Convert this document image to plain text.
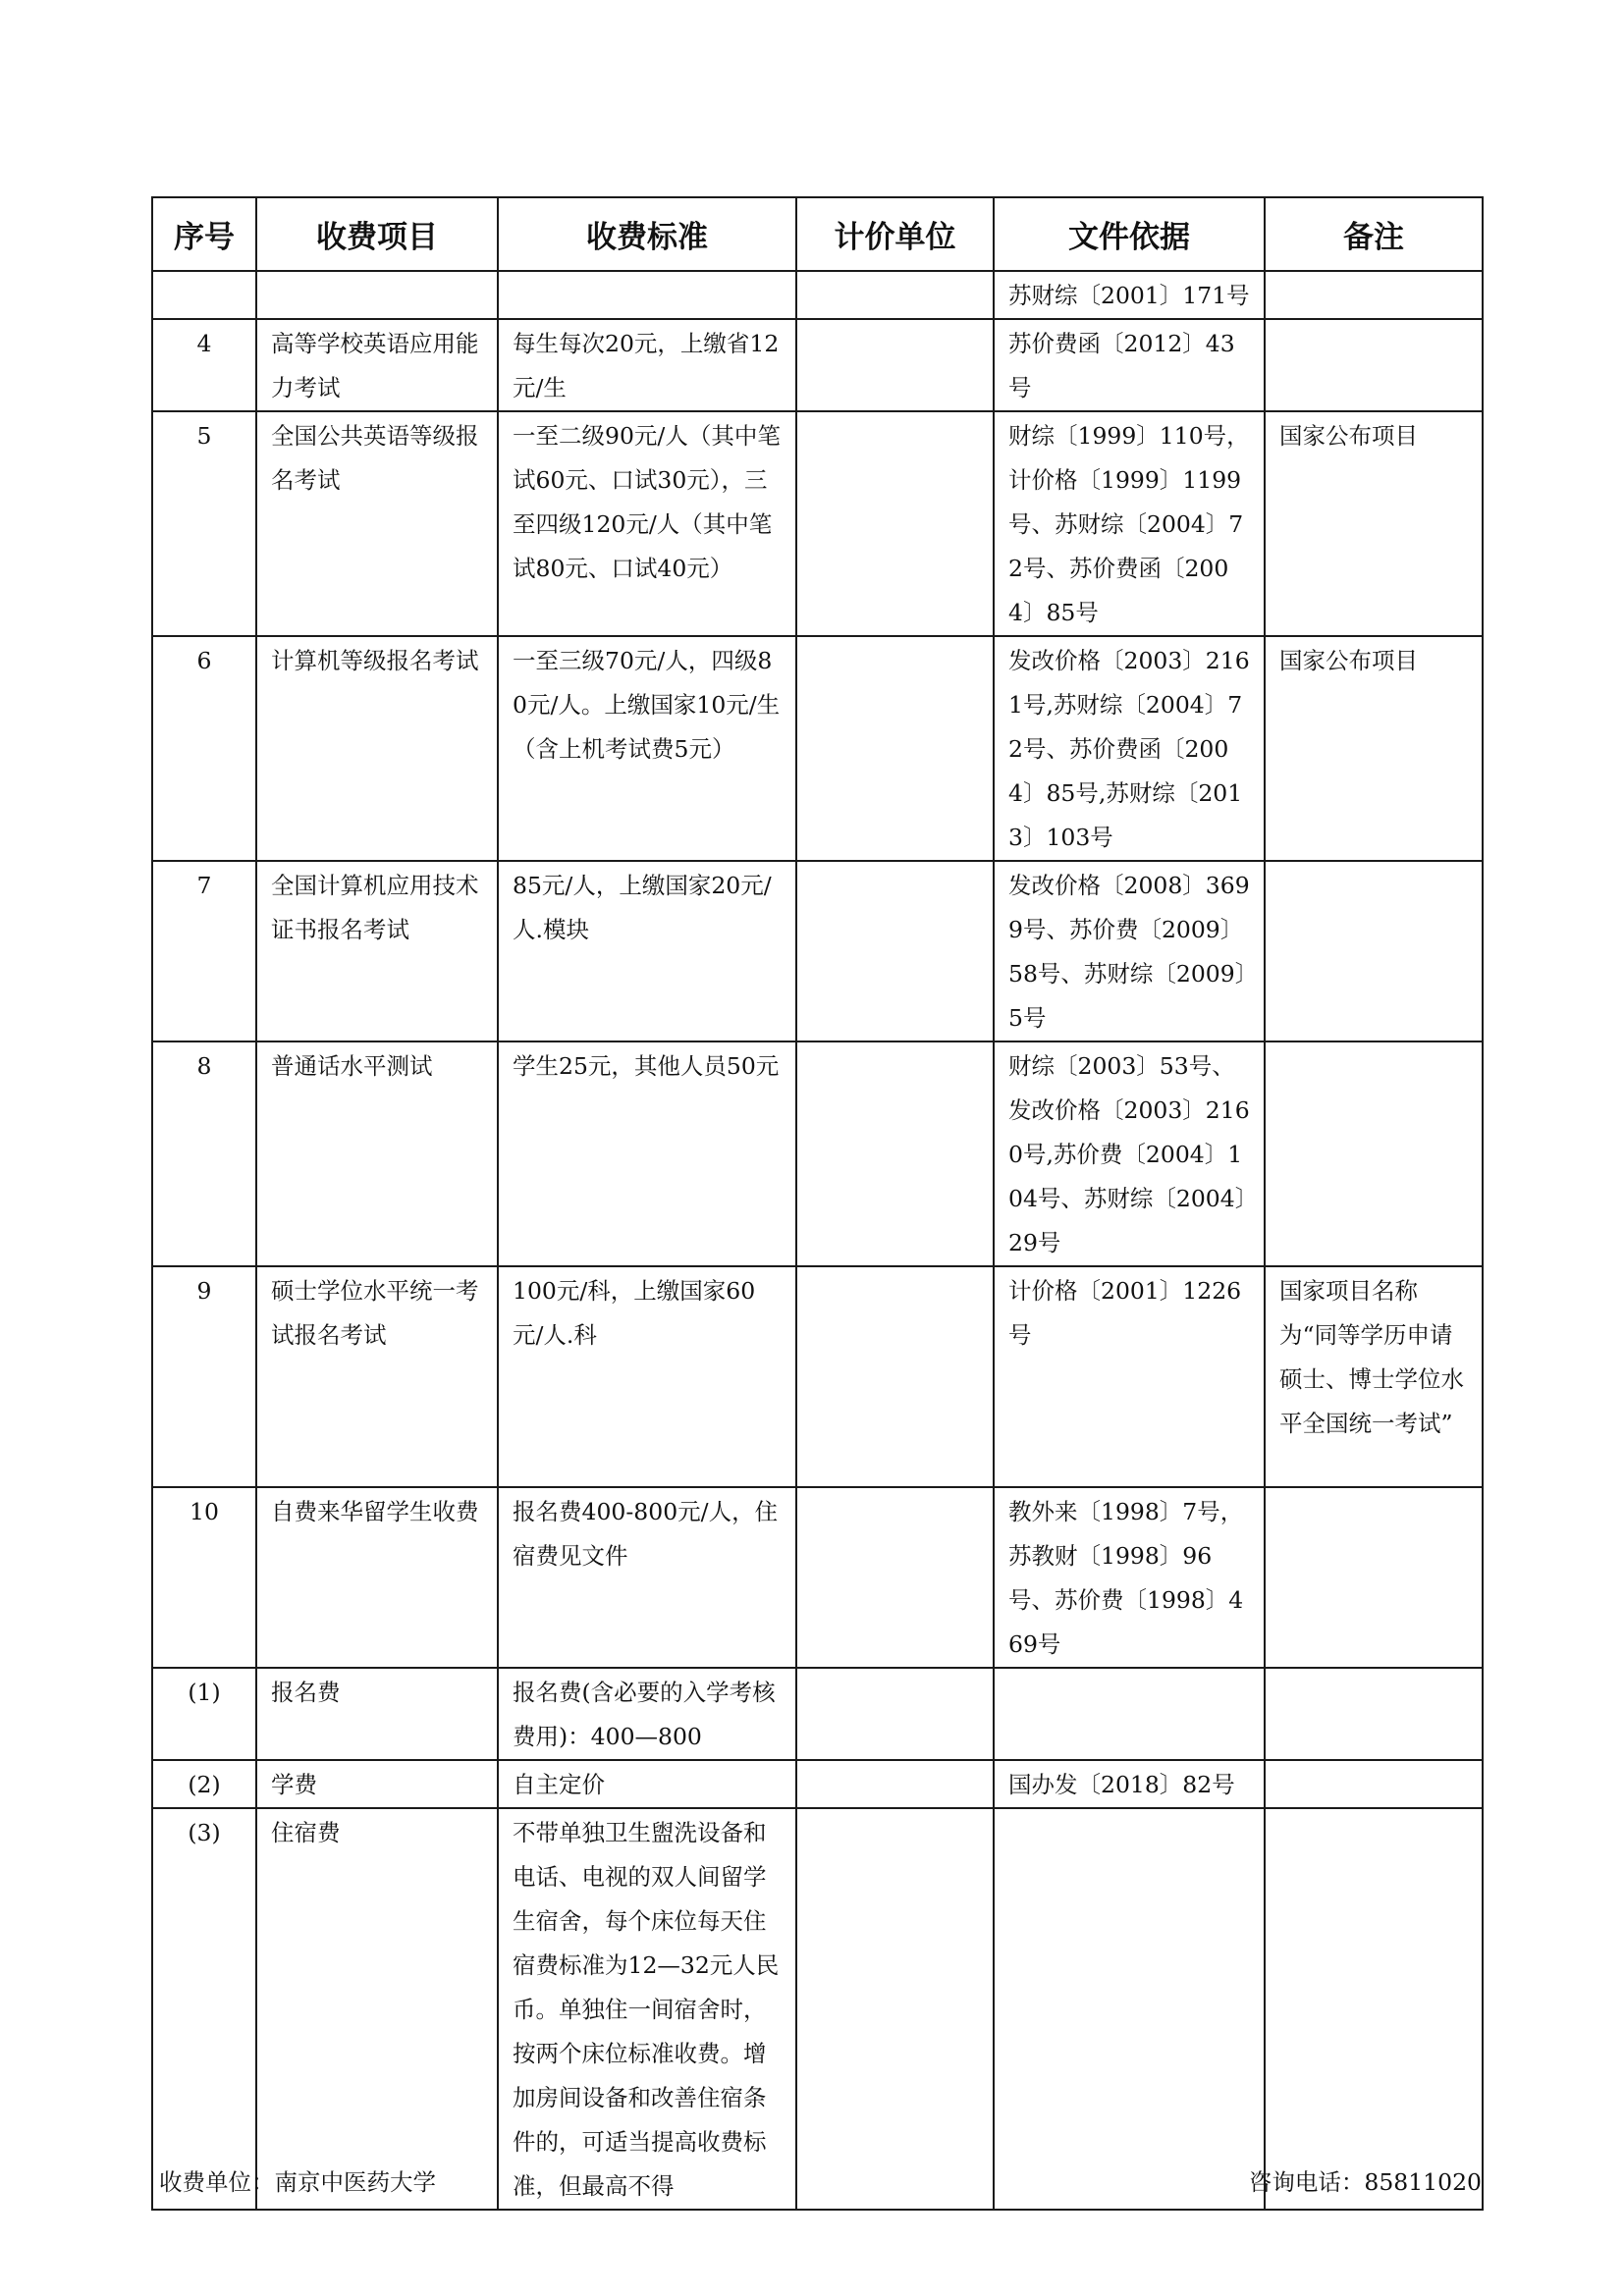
序号	收费项目	收费标准	计价单位	文件依据	备注
				苏财综〔2001〕171号	
4	高等学校英语应用能力考试	每生每次20元，上缴省12元/生		苏价费函〔2012〕43号	
5	全国公共英语等级报名考试	一至二级90元/人（其中笔试60元、口试30元），三至四级120元/人（其中笔试80元、口试40元）		财综〔1999〕110号，计价格〔1999〕1199号、苏财综〔2004〕72号、苏价费函〔2004〕85号	国家公布项目
6	计算机等级报名考试	一至三级70元/人，四级80元/人。上缴国家10元/生（含上机考试费5元）		发改价格〔2003〕2161号,苏财综〔2004〕72号、苏价费函〔2004〕85号,苏财综〔2013〕103号	国家公布项目
7	全国计算机应用技术证书报名考试	85元/人，上缴国家20元/人.模块		发改价格〔2008〕3699号、苏价费〔2009〕58号、苏财综〔2009〕5号	
8	普通话水平测试	学生25元，其他人员50元		财综〔2003〕53号、发改价格〔2003〕2160号,苏价费〔2004〕104号、苏财综〔2004〕29号	
9	硕士学位水平统一考试报名考试	100元/科，上缴国家60元/人.科		计价格〔2001〕1226号	国家项目名称为“同等学历申请硕士、博士学位水平全国统一考试”
10	自费来华留学生收费	报名费400-800元/人，住宿费见文件		教外来〔1998〕7号，苏教财〔1998〕96号、苏价费〔1998〕469号	
(1)	报名费	报名费(含必要的入学考核费用)：400—800			
(2)	学费	自主定价		国办发〔2018〕82号	
(3)	住宿费	不带单独卫生盥洗设备和电话、电视的双人间留学生宿舍，每个床位每天住宿费标准为12—32元人民币。单独住一间宿舍时，按两个床位标准收费。增加房间设备和改善住宿条件的，可适当提高收费标准，但最高不得			
收费单位：南京中医药大学	咨询电话：85811020
